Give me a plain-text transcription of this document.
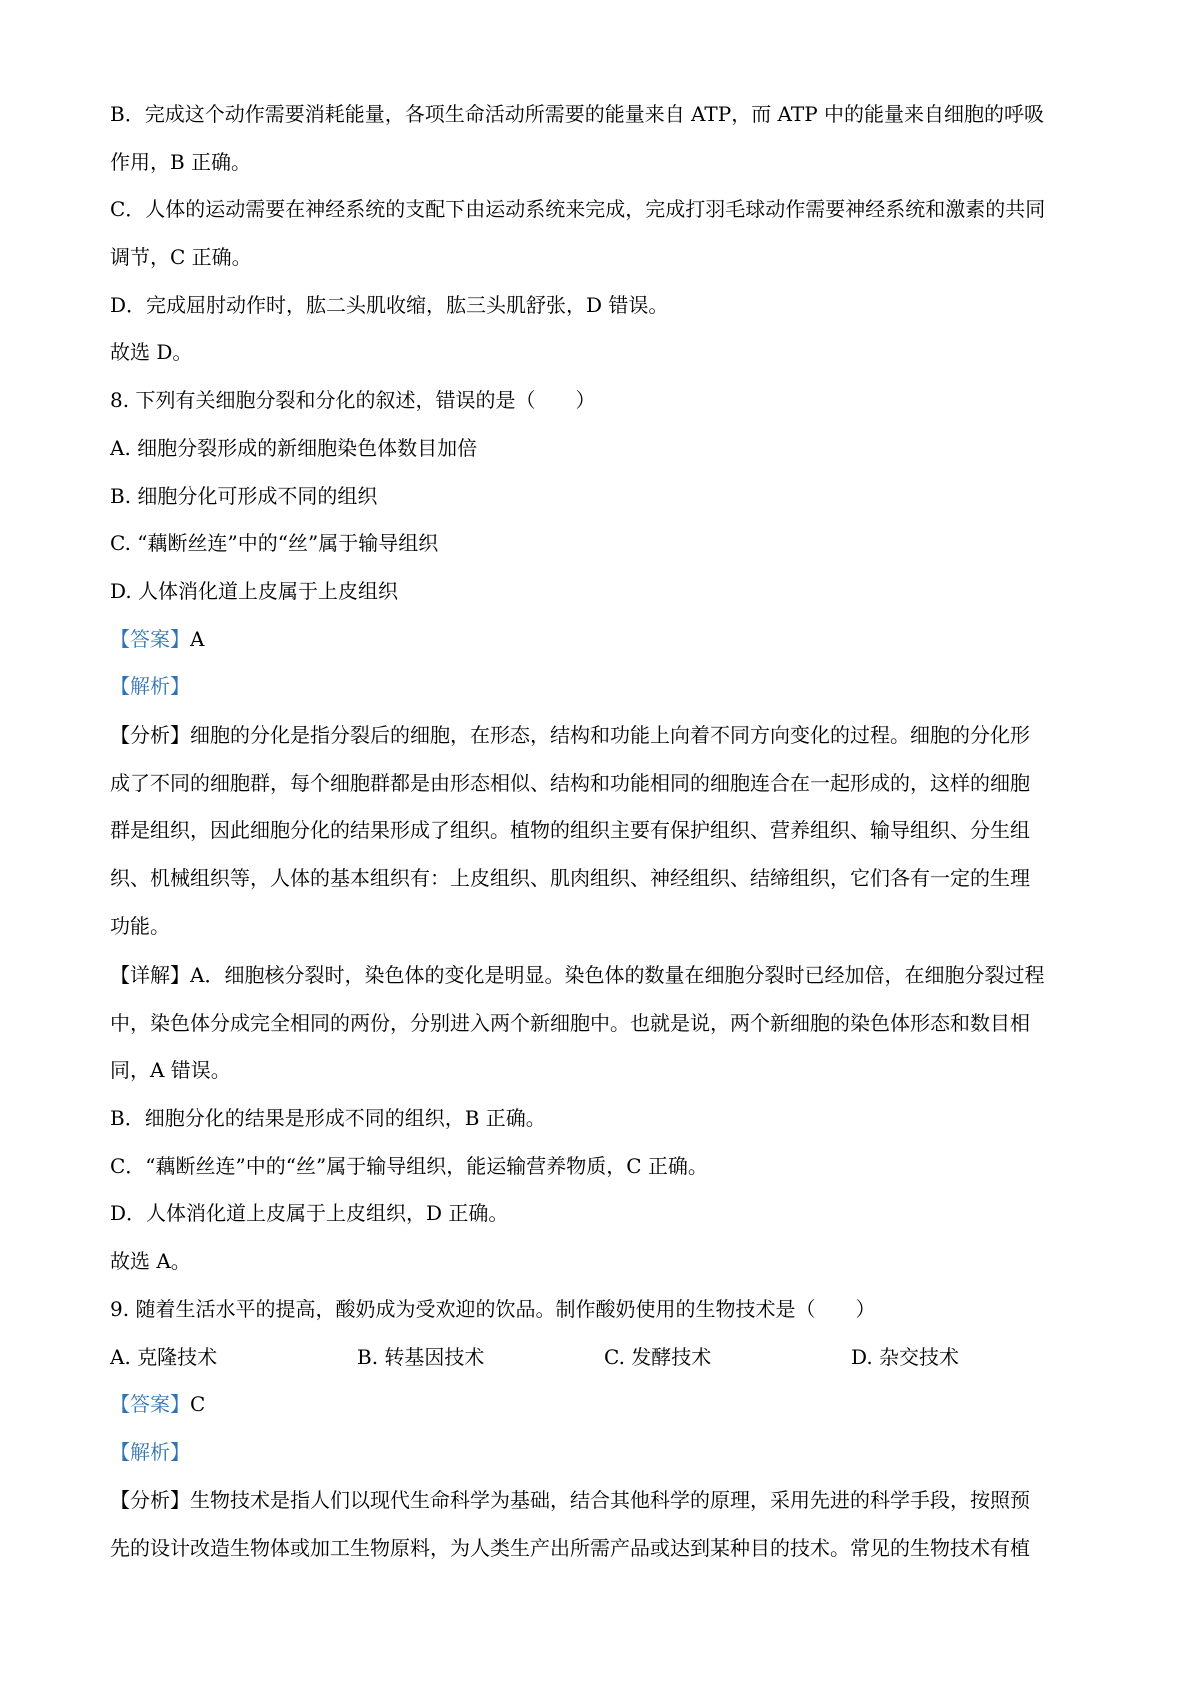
B．完成这个动作需要消耗能量，各项生命活动所需要的能量来自 ATP，而 ATP 中的能量来自细胞的呼吸
作用，B 正确。
C．人体的运动需要在神经系统的支配下由运动系统来完成，完成打羽毛球动作需要神经系统和激素的共同
调节，C 正确。
D．完成屈肘动作时，肱二头肌收缩，肱三头肌舒张，D 错误。
故选 D。
8. 下列有关细胞分裂和分化的叙述，错误的是（　　）
A. 细胞分裂形成的新细胞染色体数目加倍
B. 细胞分化可形成不同的组织
C. “藕断丝连”中的“丝”属于输导组织
D. 人体消化道上皮属于上皮组织
【答案】A
【解析】
【分析】细胞的分化是指分裂后的细胞，在形态，结构和功能上向着不同方向变化的过程。细胞的分化形
成了不同的细胞群，每个细胞群都是由形态相似、结构和功能相同的细胞连合在一起形成的，这样的细胞
群是组织，因此细胞分化的结果形成了组织。植物的组织主要有保护组织、营养组织、输导组织、分生组
织、机械组织等，人体的基本组织有：上皮组织、肌肉组织、神经组织、结缔组织，它们各有一定的生理
功能。
【详解】A．细胞核分裂时，染色体的变化是明显。染色体的数量在细胞分裂时已经加倍，在细胞分裂过程
中，染色体分成完全相同的两份，分别进入两个新细胞中。也就是说，两个新细胞的染色体形态和数目相
同，A 错误。
B．细胞分化的结果是形成不同的组织，B 正确。
C．“藕断丝连”中的“丝”属于输导组织，能运输营养物质，C 正确。
D．人体消化道上皮属于上皮组织，D 正确。
故选 A。
9. 随着生活水平的提高，酸奶成为受欢迎的饮品。制作酸奶使用的生物技术是（　　）
A. 克隆技术	B. 转基因技术	C. 发酵技术	D. 杂交技术
【答案】C
【解析】
【分析】生物技术是指人们以现代生命科学为基础，结合其他科学的原理，采用先进的科学手段，按照预
先的设计改造生物体或加工生物原料，为人类生产出所需产品或达到某种目的技术。常见的生物技术有植
